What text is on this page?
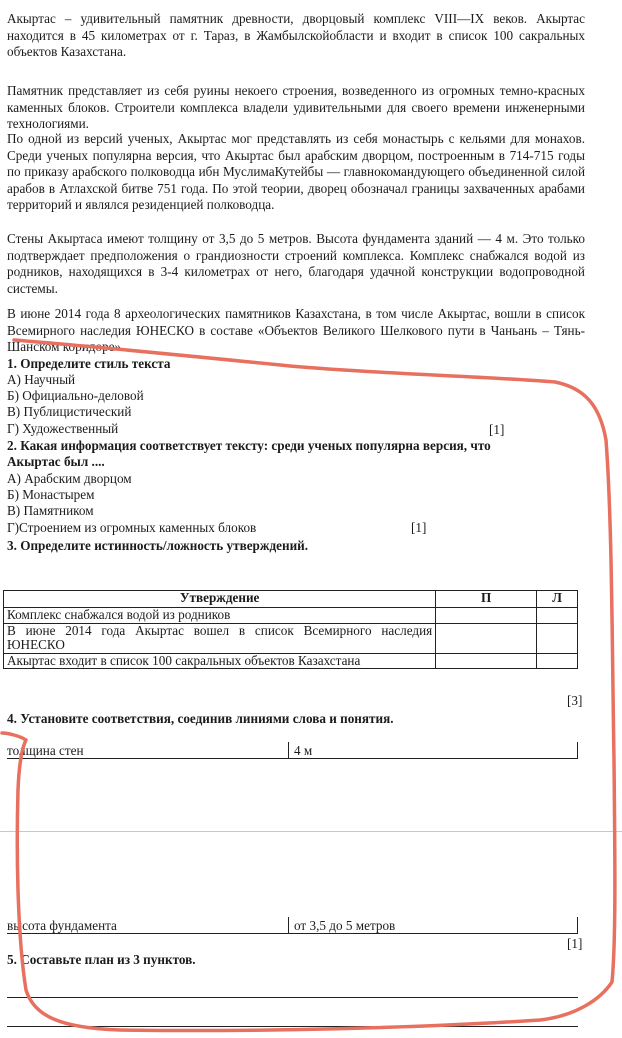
Акыртас – удивительный памятник древности, дворцовый комплекс VIII—IX веков. Акыртас находится в 45 километрах от г. Тараз, в Жамбылскойобласти и входит в список 100 сакральных объектов Казахстана.

Памятник представляет из себя руины некоего строения, возведенного из огромных темно-красных каменных блоков. Строители комплекса владели удивительными для своего времени инженерными технологиями.

По одной из версий ученых, Акыртас мог представлять из себя монастырь с кельями для монахов. Среди ученых популярна версия, что Акыртас был арабским дворцом, построенным в 714-715 годы по приказу арабского полководца ибн МуслимаКутейбы — главнокомандующего объединенной силой арабов в Атлахской битве 751 года. По этой теории, дворец обозначал границы захваченных арабами территорий и являлся резиденцией полководца.

Стены Акыртаса имеют толщину от 3,5 до 5 метров. Высота фундамента зданий — 4 м. Это только подтверждает предположения о грандиозности строений комплекса. Комплекс снабжался водой из родников, находящихся в 3-4 километрах от него, благодаря удачной конструкции водопроводной системы.

В июне 2014 года 8 археологических памятников Казахстана, в том числе Акыртас, вошли в список Всемирного наследия ЮНЕСКО в составе «Объектов Великого Шелкового пути в Чаньань – Тянь-Шанском коридоре».

1. Определите стиль текста
А) Научный
Б) Официально-деловой
В) Публицистический
Г) Художественный	[1]
2. Какая информация соответствует тексту: среди ученых популярна версия, что
Акыртас был ....
А) Арабским дворцом
Б) Монастырем
В) Памятником
Г)Строением из огромных каменных блоков	[1]
3. Определите истинность/ложность утверждений.
Утверждение	П	Л
Комплекс снабжался водой из родников		
В июне 2014 года Акыртас вошел в список Всемирного наследия ЮНЕСКО		
Акыртас входит в список 100 сакральных объектов Казахстана		
[3]
4. Установите соответствия, соединив линиями слова и понятия.
толщина стен	4 м
высота фундамента	от 3,5 до 5 метров
[1]
5. Составьте план из 3 пунктов.
